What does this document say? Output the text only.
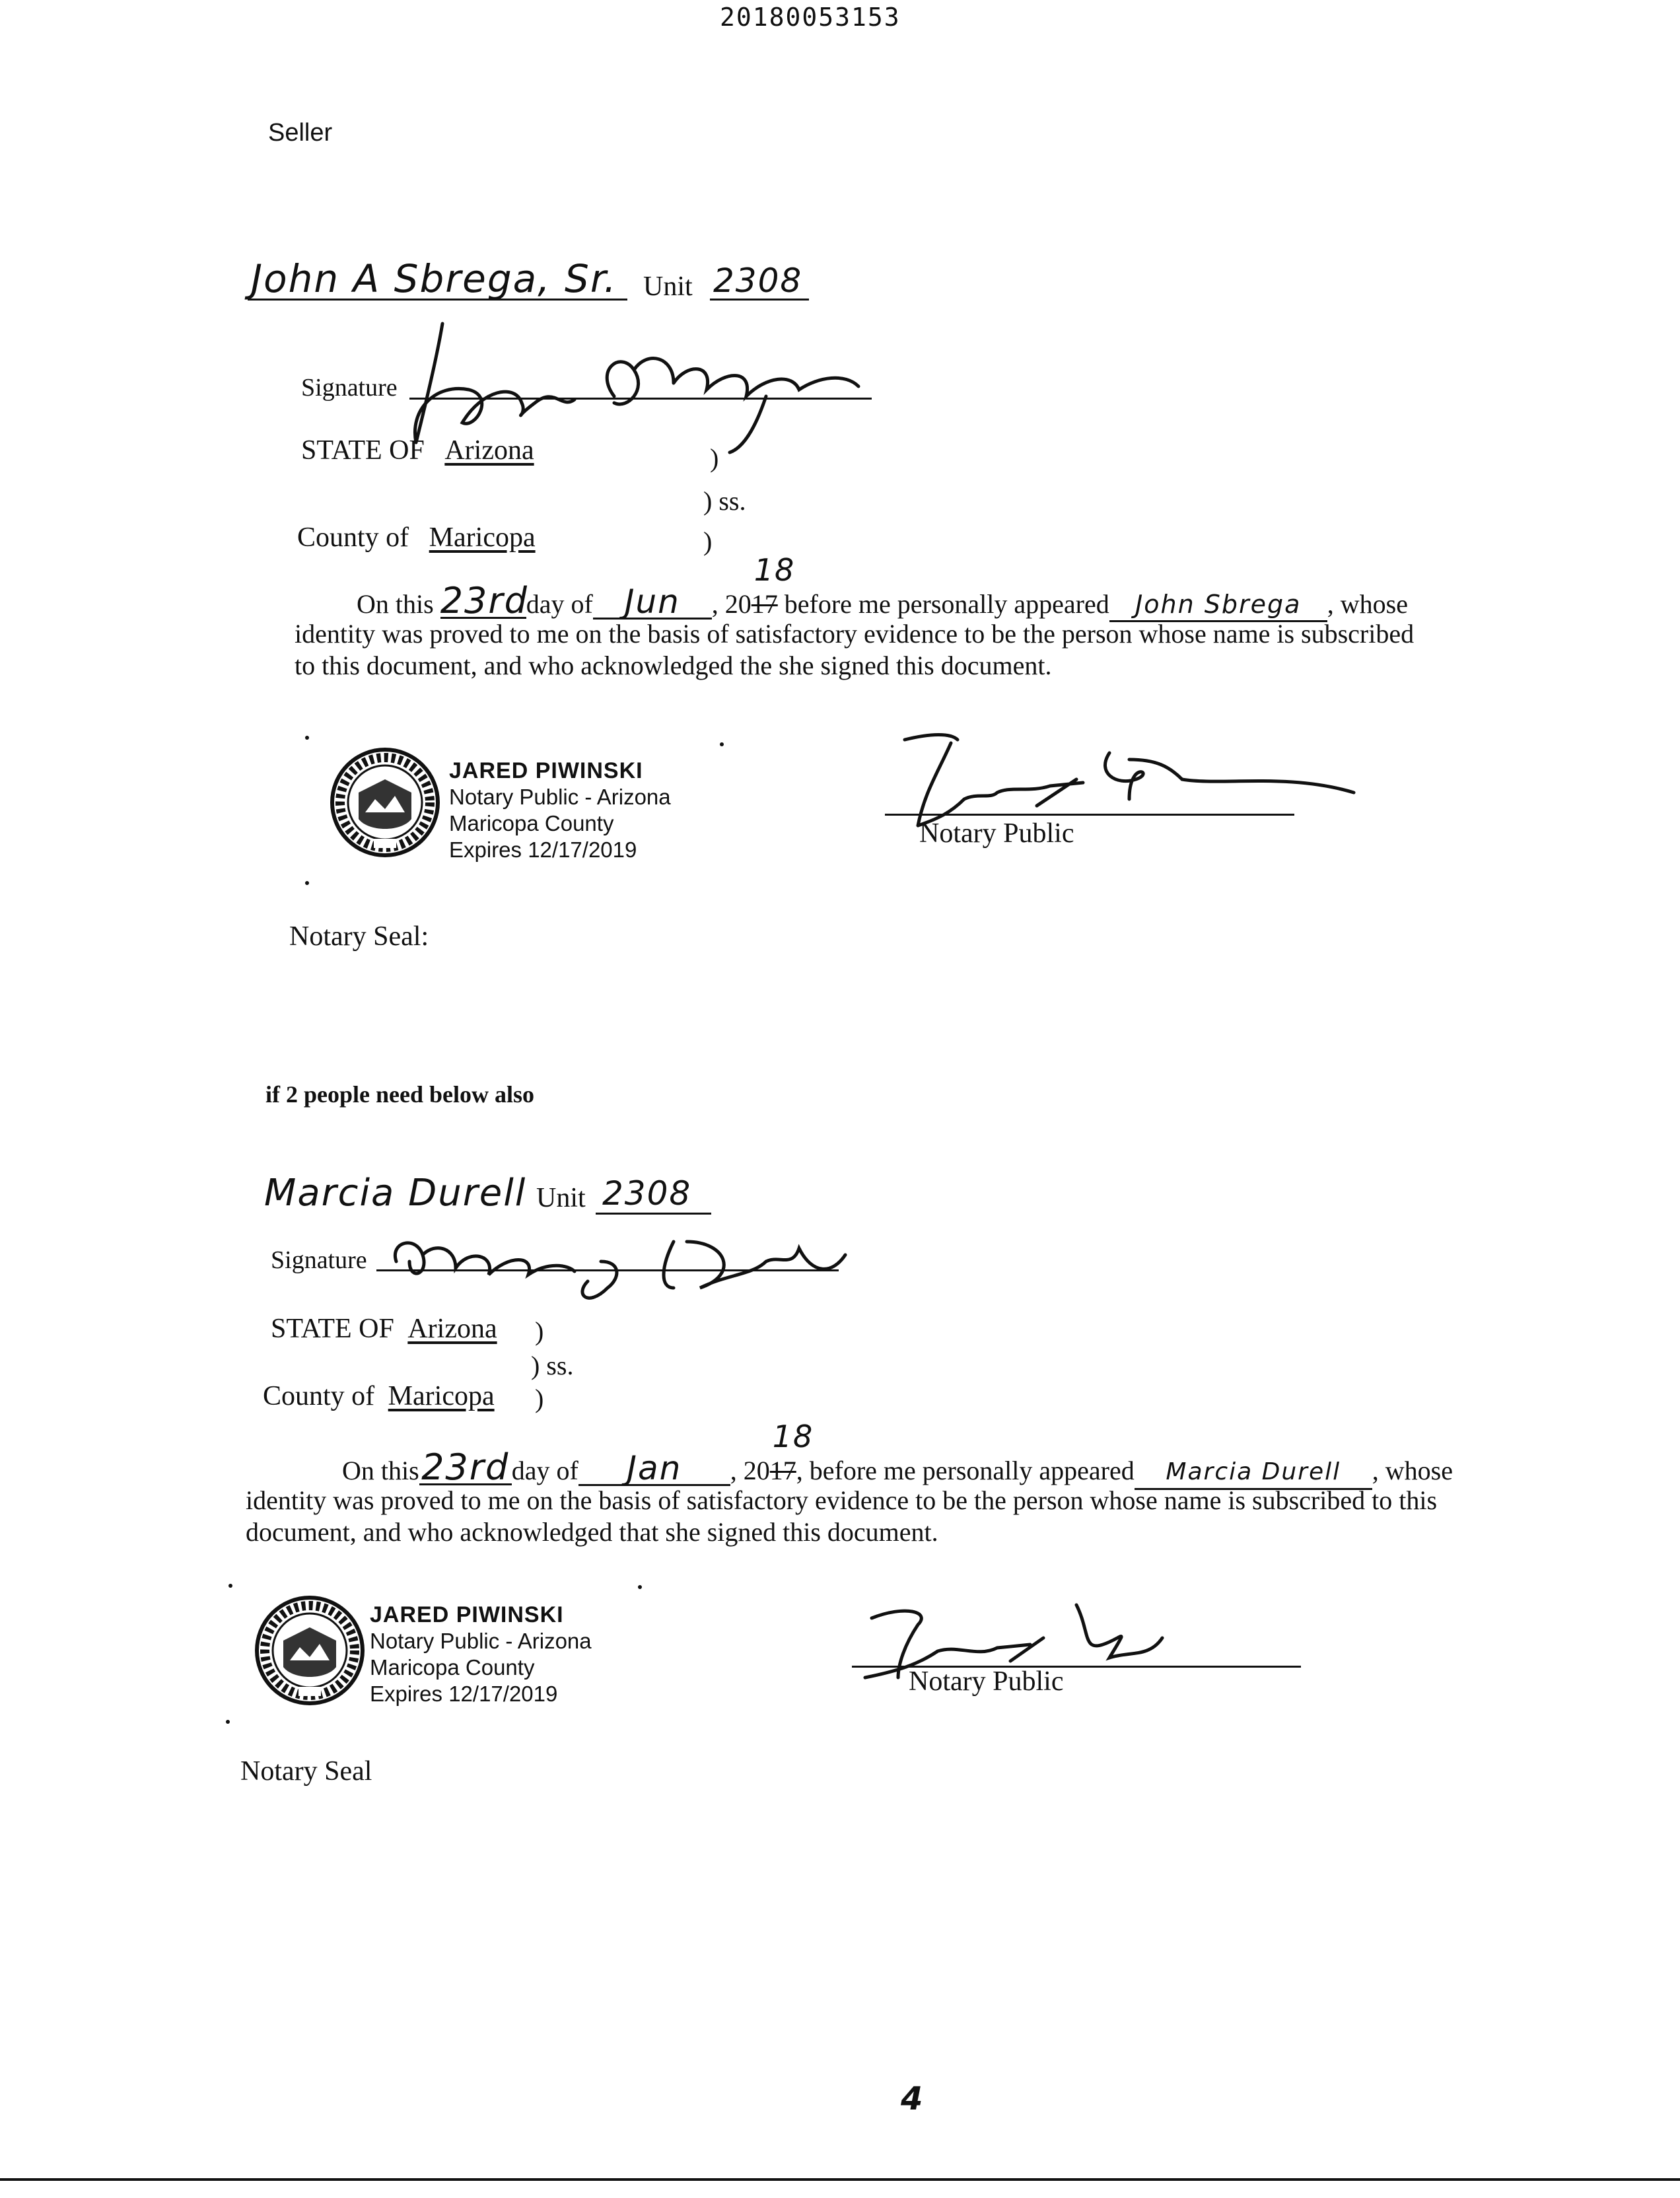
20180053153
Seller
John A Sbrega, Sr. Unit 2308
Signature
STATE OF Arizona	)
) ss.
County of Maricopa	)
On this 23rdday of Jun , 2017
18
before me personally appeared John Sbrega , whose
identity was proved to me on the basis of satisfactory evidence to be the person whose name is subscribed
to this document, and who acknowledged the she signed this document.
JARED PIWINSKI
Notary Public - Arizona
Maricopa County
Expires 12/17/2019
Notary Public
Notary Seal:
if 2 people need below also
Marcia Durell Unit 2308
Signature
STATE OF Arizona )
) ss.
County of Maricopa )
On this23rdday of Jan , 2017
18
, before me personally appeared Marcia Durell , whose
identity was proved to me on the basis of satisfactory evidence to be the person whose name is subscribed to this
document, and who acknowledged that she signed this document.
JARED PIWINSKI
Notary Public - Arizona
Maricopa County
Expires 12/17/2019	Notary Public
Notary Seal
4
